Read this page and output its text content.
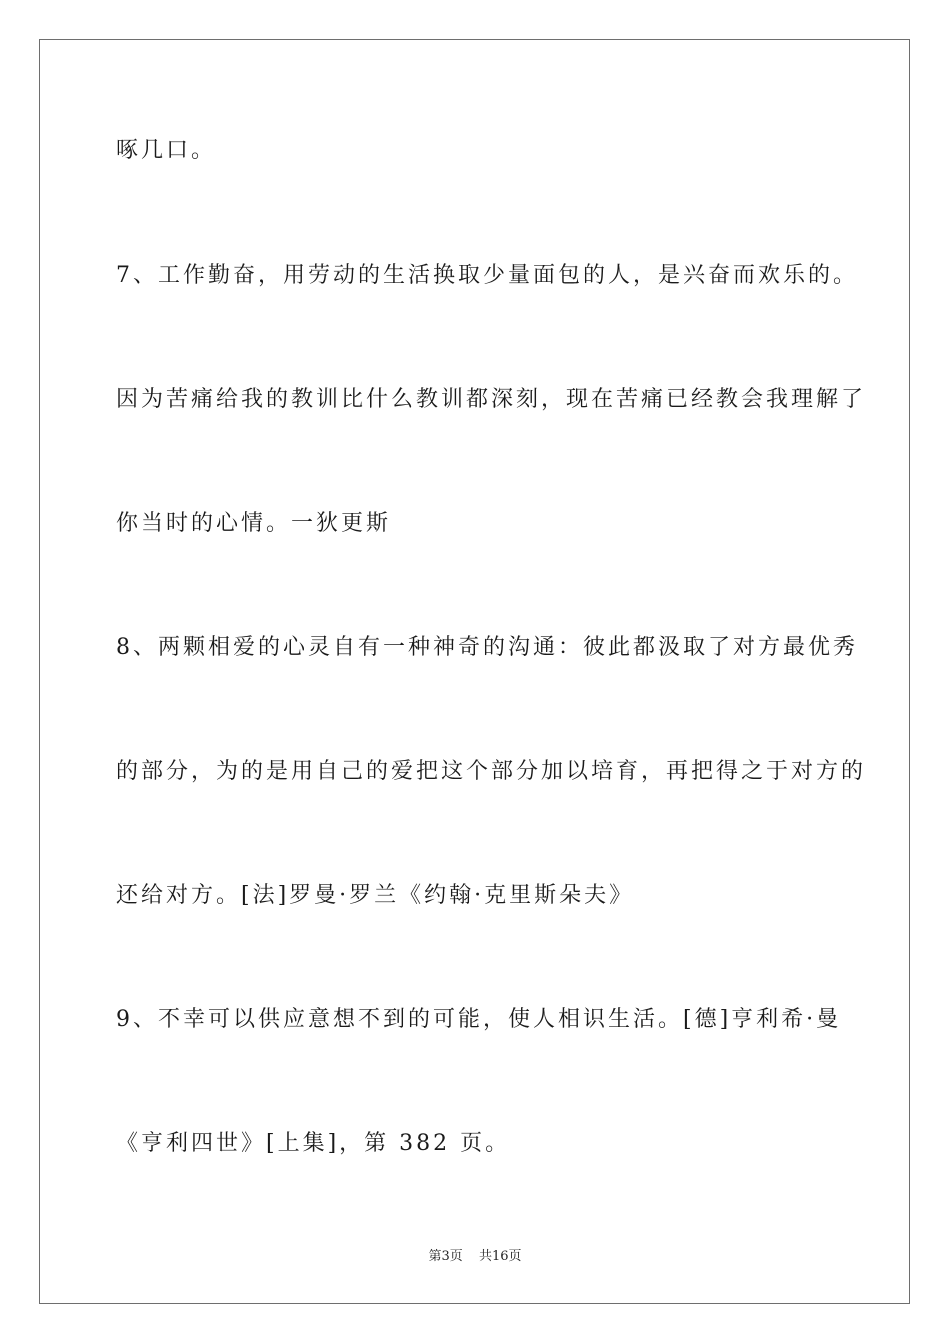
啄几口。
7、工作勤奋，用劳动的生活换取少量面包的人，是兴奋而欢乐的。
因为苦痛给我的教训比什么教训都深刻，现在苦痛已经教会我理解了
你当时的心情。一狄更斯
8、两颗相爱的心灵自有一种神奇的沟通：彼此都汲取了对方最优秀
的部分，为的是用自己的爱把这个部分加以培育，再把得之于对方的
还给对方。[法]罗曼·罗兰《约翰·克里斯朵夫》
9、不幸可以供应意想不到的可能，使人相识生活。[德]亨利希·曼
《亨利四世》[上集]，第 382 页。
第3页 共16页
